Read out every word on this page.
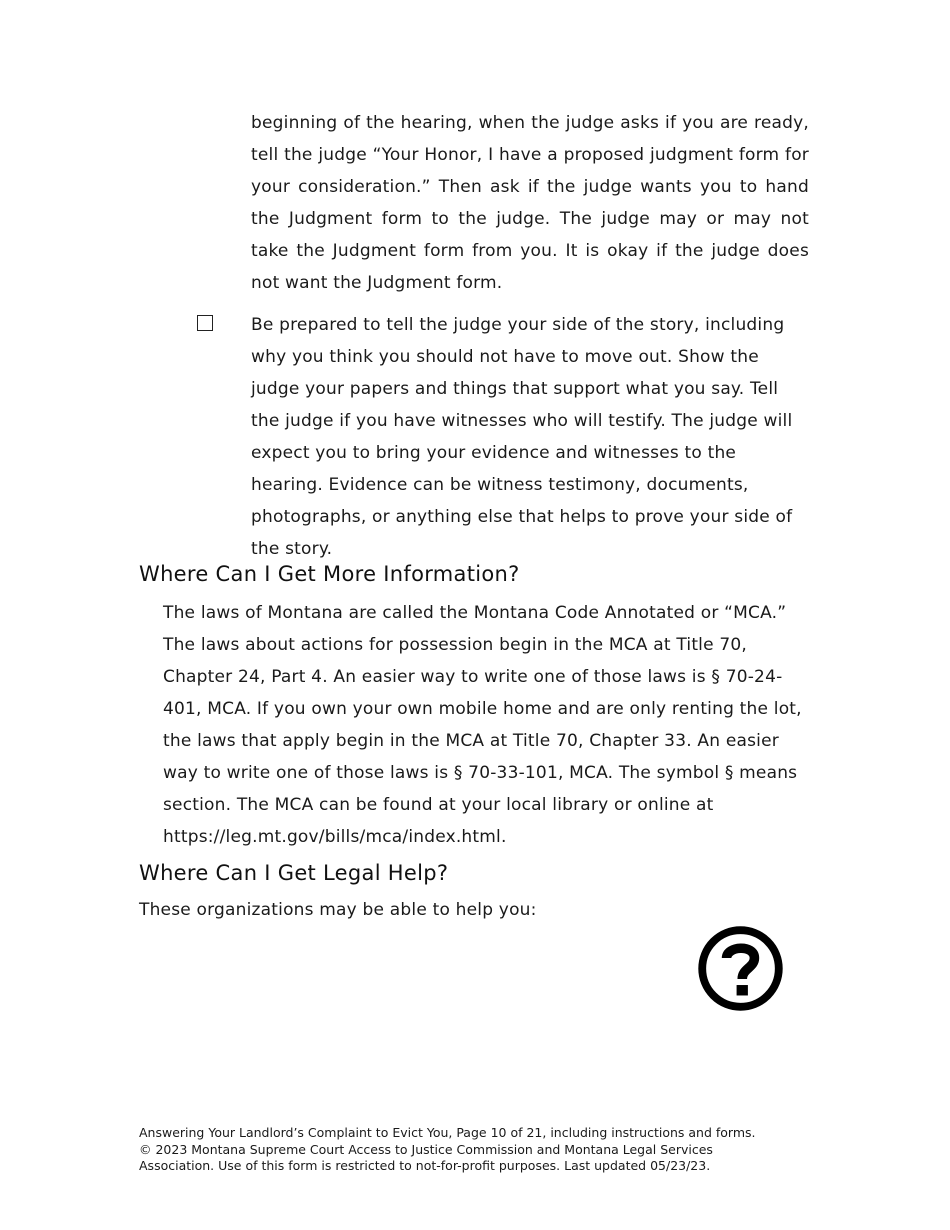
beginning of the hearing, when the judge asks if you are ready, tell the judge “Your Honor, I have a proposed judgment form for your consideration.” Then ask if the judge wants you to hand the Judgment form to the judge. The judge may or may not take the Judgment form from you. It is okay if the judge does not want the Judgment form.

Be prepared to tell the judge your side of the story, including why you think you should not have to move out. Show the judge your papers and things that support what you say. Tell the judge if you have witnesses who will testify. The judge will expect you to bring your evidence and witnesses to the hearing. Evidence can be witness testimony, documents, photographs, or anything else that helps to prove your side of the story.

Where Can I Get More Information?

The laws of Montana are called the Montana Code Annotated or “MCA.” The laws about actions for possession begin in the MCA at Title 70, Chapter 24, Part 4. An easier way to write one of those laws is § 70-24-401, MCA. If you own your own mobile home and are only renting the lot, the laws that apply begin in the MCA at Title 70, Chapter 33. An easier way to write one of those laws is § 70-33-101, MCA. The symbol § means section. The MCA can be found at your local library or online at https://leg.mt.gov/bills/mca/index.html.

Where Can I Get Legal Help?

These organizations may be able to help you:

Answering Your Landlord’s Complaint to Evict You, Page 10 of 21, including instructions and forms.
© 2023 Montana Supreme Court Access to Justice Commission and Montana Legal Services
Association. Use of this form is restricted to not-for-profit purposes. Last updated 05/23/23.
